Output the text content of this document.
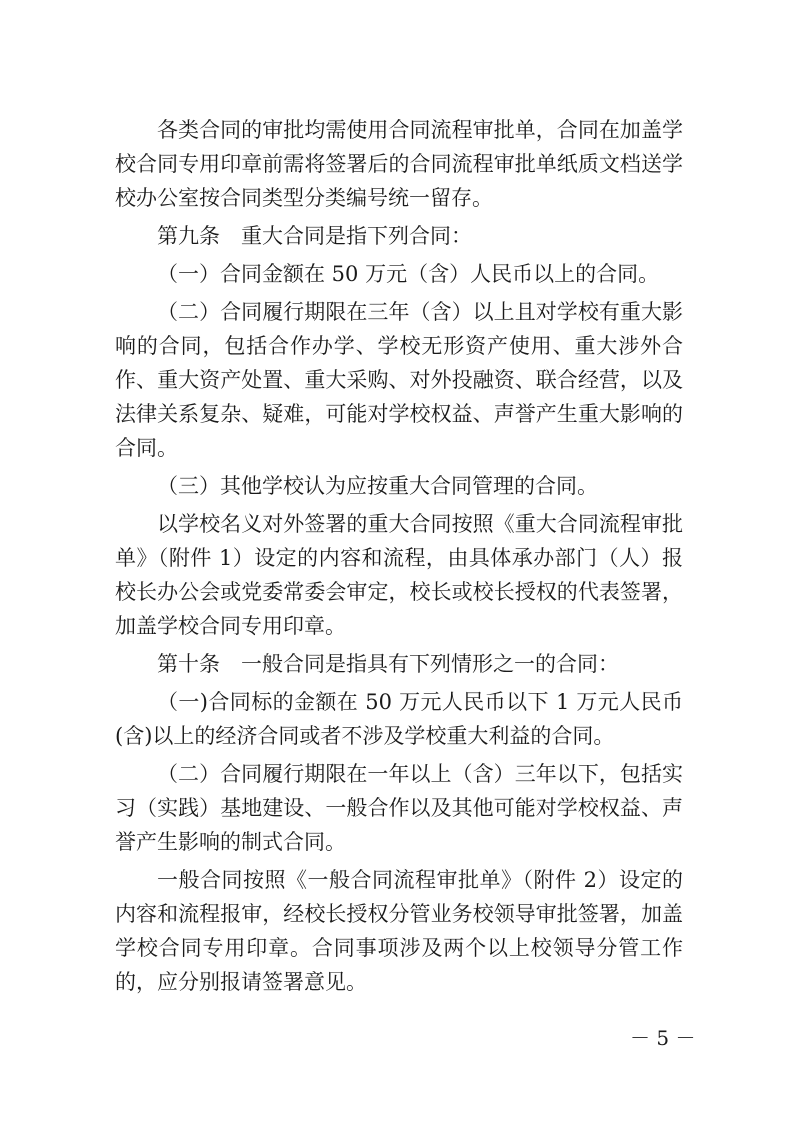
各类合同的审批均需使用合同流程审批单，合同在加盖学校合同专用印章前需将签署后的合同流程审批单纸质文档送学校办公室按合同类型分类编号统一留存。

第九条　重大合同是指下列合同：

（一）合同金额在 50 万元（含）人民币以上的合同。

（二）合同履行期限在三年（含）以上且对学校有重大影响的合同，包括合作办学、学校无形资产使用、重大涉外合作、重大资产处置、重大采购、对外投融资、联合经营，以及法律关系复杂、疑难，可能对学校权益、声誉产生重大影响的合同。

（三）其他学校认为应按重大合同管理的合同。

以学校名义对外签署的重大合同按照《重大合同流程审批单》（附件 1）设定的内容和流程，由具体承办部门（人）报校长办公会或党委常委会审定，校长或校长授权的代表签署，加盖学校合同专用印章。

第十条　一般合同是指具有下列情形之一的合同：

（一)合同标的金额在 50 万元人民币以下 1 万元人民币(含)以上的经济合同或者不涉及学校重大利益的合同。

（二）合同履行期限在一年以上（含）三年以下，包括实习（实践）基地建设、一般合作以及其他可能对学校权益、声誉产生影响的制式合同。

一般合同按照《一般合同流程审批单》（附件 2）设定的内容和流程报审，经校长授权分管业务校领导审批签署，加盖学校合同专用印章。合同事项涉及两个以上校领导分管工作的，应分别报请签署意见。

－ 5 －
